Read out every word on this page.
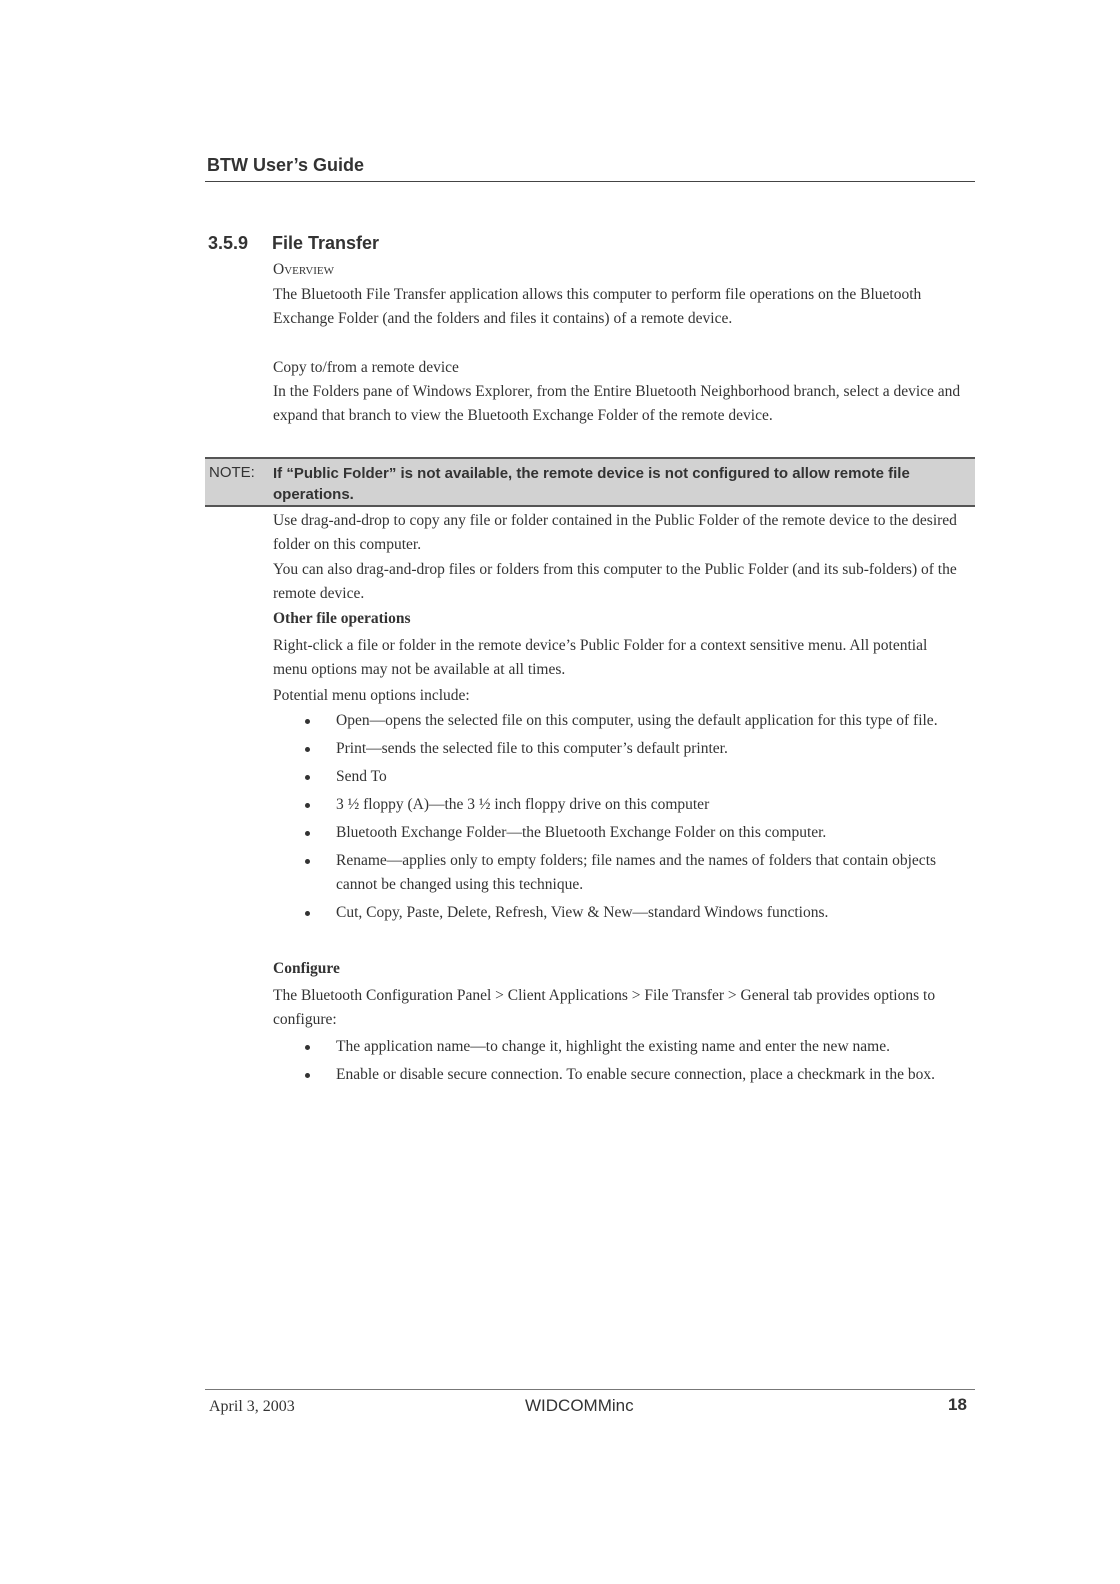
BTW User’s Guide
3.5.9 File Transfer
Overview
The Bluetooth File Transfer application allows this computer to perform file operations on the Bluetooth Exchange Folder (and the folders and files it contains) of a remote device.
Copy to/from a remote device
In the Folders pane of Windows Explorer, from the Entire Bluetooth Neighborhood branch, select a device and expand that branch to view the Bluetooth Exchange Folder of the remote device.
NOTE: If “Public Folder” is not available, the remote device is not configured to allow remote file operations.
Use drag-and-drop to copy any file or folder contained in the Public Folder of the remote device to the desired folder on this computer.
You can also drag-and-drop files or folders from this computer to the Public Folder (and its sub-folders) of the remote device.
Other file operations
Right-click a file or folder in the remote device’s Public Folder for a context sensitive menu. All potential menu options may not be available at all times.
Potential menu options include:
Open—opens the selected file on this computer, using the default application for this type of file.
Print—sends the selected file to this computer’s default printer.
Send To
3 ½ floppy (A)—the 3 ½ inch floppy drive on this computer
Bluetooth Exchange Folder—the Bluetooth Exchange Folder on this computer.
Rename—applies only to empty folders; file names and the names of folders that contain objects cannot be changed using this technique.
Cut, Copy, Paste, Delete, Refresh, View & New—standard Windows functions.
Configure
The Bluetooth Configuration Panel > Client Applications > File Transfer > General tab provides options to configure:
The application name—to change it, highlight the existing name and enter the new name.
Enable or disable secure connection. To enable secure connection, place a checkmark in the box.
April 3, 2003	WIDCOMMinc	18
